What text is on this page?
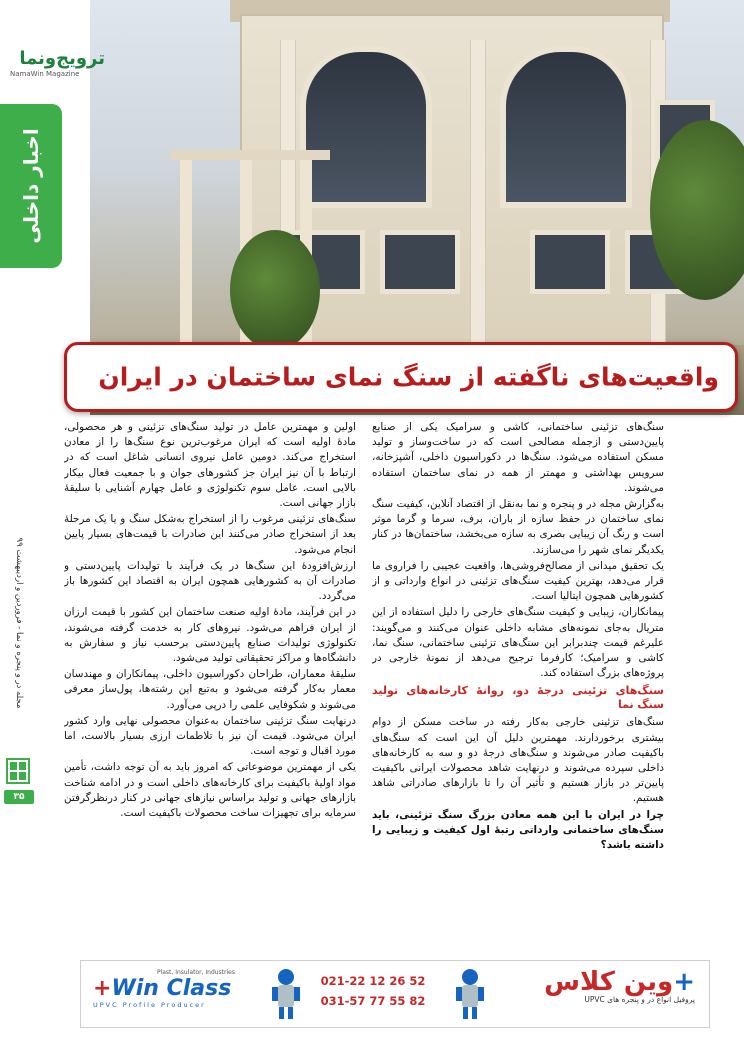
ترویج‌ونما
NamaWin Magazine
اخبار داخلی
واقعیت‌های ناگفته از سنگ نمای ساختمان در ایران
مجله در و پنجره و نما - فروردین و اردیبهشت ۹۹
۳۵

سنگ‌های تزئینی ساختمانی، کاشی و سرامیک یکی از صنایع پایین‌دستی و ازجمله مصالحی است که در ساخت‌وساز و تولید مسکن استفاده می‌شود. سنگ‌ها در دکوراسیون داخلی، آشپزخانه، سرویس بهداشتی و مهمتر از همه در نمای ساختمان استفاده می‌شوند.

به‌گزارش مجله در و پنجره و نما به‌نقل از اقتصاد آنلاین، کیفیت سنگ نمای ساختمان در حفظ سازه از باران، برف، سرما و گرما موثر است و رنگ آن زیبایی بصری به سازه می‌بخشد، ساختمان‌ها در کنار یکدیگر نمای شهر را می‌سازند.

یک تحقیق میدانی از مصالح‌فروشی‌ها، واقعیت عجیبی را فراروی ما قرار می‌دهد، بهترین کیفیت سنگ‌های تزئینی در انواع وارداتی و از کشورهایی همچون ایتالیا است.

پیمانکاران، زیبایی و کیفیت سنگ‌های خارجی را دلیل استفاده از این متریال به‌جای نمونه‌های مشابه داخلی عنوان می‌کنند و می‌گویند: علیرغم قیمت چندبرابر این سنگ‌های تزئینی ساختمانی، سنگ نما، کاشی و سرامیک؛ کارفرما ترجیح می‌دهد از نمونۀ خارجی در پروژه‌های بزرگ استفاده کند.

سنگ‌های تزئینی درجۀ دو، روانۀ کارخانه‌های تولید سنگ نما

سنگ‌های تزئینی خارجی به‌کار رفته در ساخت مسکن از دوام بیشتری برخوردارند. مهمترین دلیل آن این است که سنگ‌های باکیفیت صادر می‌شوند و سنگ‌های درجۀ دو و سه به کارخانه‌های داخلی سپرده می‌شوند و درنهایت شاهد محصولات ایرانی باکیفیت پایین‌تر در بازار هستیم و تأثیر آن را تا بازارهای صادراتی شاهد هستیم.

چرا در ایران با این همه معادن بزرگ سنگ تزئینی، باید سنگ‌های ساختمانی وارداتی رتبۀ اول کیفیت و زیبایی را داشته باشد؟

اولین و مهمترین عامل در تولید سنگ‌های تزئینی و هر محصولی، مادۀ اولیه است که ایران مرغوب‌ترین نوع سنگ‌ها را از معادن استخراج می‌کند. دومین عامل نیروی انسانی شاغل است که در ارتباط با آن نیز ایران جز کشورهای جوان و با جمعیت فعال بیکار بالایی است. عامل سوم تکنولوژی و عامل چهارم آشنایی با سلیقۀ بازار جهانی است.

سنگ‌های تزئینی مرغوب را از استخراج به‌شکل سنگ و یا یک مرحلۀ بعد از استخراج صادر می‌کنند این صادرات با قیمت‌های بسیار پایین انجام می‌شود.

ارزش‌افزودۀ این سنگ‌ها در یک فرآیند با تولیدات پایین‌دستی و صادرات آن به کشورهایی همچون ایران به اقتصاد این کشورها باز می‌گردد.

در این فرآیند، مادۀ اولیه صنعت ساختمان این کشور با قیمت ارزان از ایران فراهم می‌شود. نیروهای کار به خدمت گرفته می‌شوند، تکنولوژی تولیدات صنایع پایین‌دستی برحسب نیاز و سفارش به دانشگاه‌ها و مراکز تحقیقاتی تولید می‌شود.

سلیقۀ معماران، طراحان دکوراسیون داخلی، پیمانکاران و مهندسان معمار به‌کار گرفته می‌شود و به‌تبع این رشته‌ها، پول‌ساز معرفی می‌شوند و شکوفایی علمی را درپی می‌آورد.

درنهایت سنگ تزئینی ساختمان به‌عنوان محصولی نهایی وارد کشور ایران می‌شود. قیمت آن نیز با تلاطمات ارزی بسیار بالاست، اما مورد اقبال و توجه است.

یکی از مهمترین موضوعاتی که امروز باید به آن توجه داشت، تأمین مواد اولیۀ باکیفیت برای کارخانه‌های داخلی است و در ادامه شناخت بازارهای جهانی و تولید براساس نیازهای جهانی در کنار درنظرگرفتن سرمایه برای تجهیزات ساخت محصولات باکیفیت است.

Plast, Insulator, Industries
+Win Class
UPVC Profile Producer
021-22 12 26 52
031-57 77 55 82
+وین کلاس
پروفیل انواع در و پنجره های UPVC
